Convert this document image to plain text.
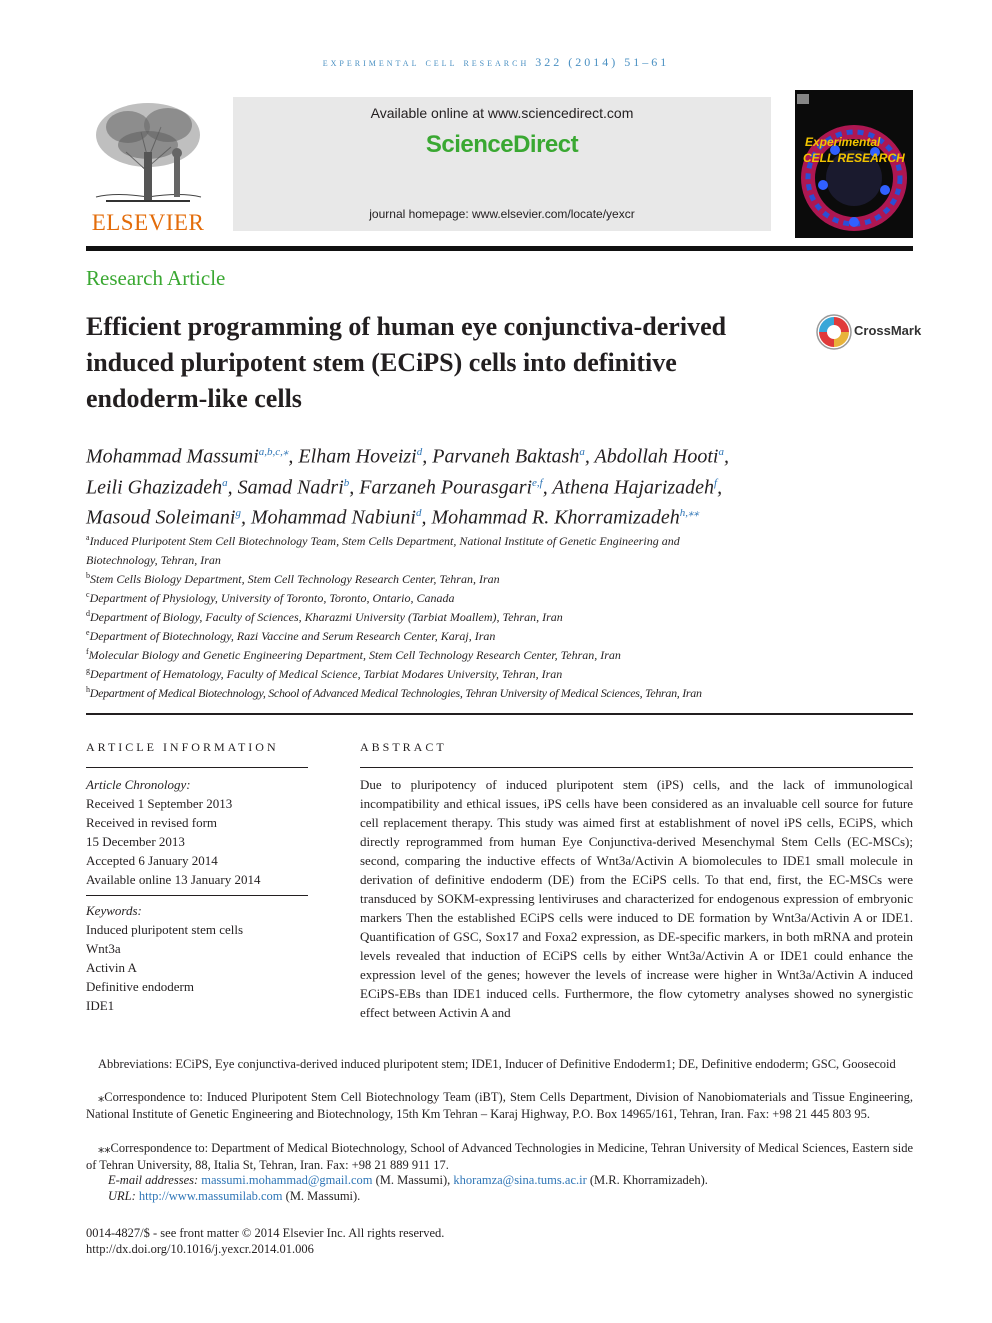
experimental cell research 322 (2014) 51–61
ELSEVIER
Available online at www.sciencedirect.com
ScienceDirect
journal homepage: www.elsevier.com/locate/yexcr
Experimental
CELL RESEARCH
Research Article
Efficient programming of human eye conjunctiva-derived induced pluripotent stem (ECiPS) cells into definitive endoderm-like cells
CrossMark
Mohammad Massumi$^{a,b,c,⁎}$, Elham Hoveizi$^d$, Parvaneh Baktash$^a$, Abdollah Hooti$^a$,
Leili Ghazizadeh$^a$, Samad Nadri$^b$, Farzaneh Pourasgari$^{e,f}$, Athena Hajarizadeh$^f$,
Masoud Soleimani$^g$, Mohammad Nabiuni$^d$, Mohammad R. Khorramizadeh$^{h,⁎⁎}$
$^a$Induced Pluripotent Stem Cell Biotechnology Team, Stem Cells Department, National Institute of Genetic Engineering and
Biotechnology, Tehran, Iran
$^b$Stem Cells Biology Department, Stem Cell Technology Research Center, Tehran, Iran
$^c$Department of Physiology, University of Toronto, Toronto, Ontario, Canada
$^d$Department of Biology, Faculty of Sciences, Kharazmi University (Tarbiat Moallem), Tehran, Iran
$^e$Department of Biotechnology, Razi Vaccine and Serum Research Center, Karaj, Iran
$^f$Molecular Biology and Genetic Engineering Department, Stem Cell Technology Research Center, Tehran, Iran
$^g$Department of Hematology, Faculty of Medical Science, Tarbiat Modares University, Tehran, Iran
$^h$Department of Medical Biotechnology, School of Advanced Medical Technologies, Tehran University of Medical Sciences, Tehran, Iran
ARTICLE INFORMATION
Article Chronology:
Received 1 September 2013
Received in revised form
15 December 2013
Accepted 6 January 2014
Available online 13 January 2014
Keywords:
Induced pluripotent stem cells
Wnt3a
Activin A
Definitive endoderm
IDE1
ABSTRACT
Due to pluripotency of induced pluripotent stem (iPS) cells, and the lack of immunological incompatibility and ethical issues, iPS cells have been considered as an invaluable cell source for future cell replacement therapy. This study was aimed first at establishment of novel iPS cells, ECiPS, which directly reprogrammed from human Eye Conjunctiva-derived Mesenchymal Stem Cells (EC-MSCs); second, comparing the inductive effects of Wnt3a/Activin A biomolecules to IDE1 small molecule in derivation of definitive endoderm (DE) from the ECiPS cells. To that end, first, the EC-MSCs were transduced by SOKM-expressing lentiviruses and characterized for endogenous expression of embryonic markers Then the established ECiPS cells were induced to DE formation by Wnt3a/Activin A or IDE1. Quantification of GSC, Sox17 and Foxa2 expression, as DE-specific markers, in both mRNA and protein levels revealed that induction of ECiPS cells by either Wnt3a/Activin A or IDE1 could enhance the expression level of the genes; however the levels of increase were higher in Wnt3a/Activin A induced ECiPS-EBs than IDE1 induced cells. Furthermore, the flow cytometry analyses showed no synergistic effect between Activin A and
Abbreviations: ECiPS, Eye conjunctiva-derived induced pluripotent stem; IDE1, Inducer of Definitive Endoderm1; DE, Definitive endoderm; GSC, Goosecoid
⁎Correspondence to: Induced Pluripotent Stem Cell Biotechnology Team (iBT), Stem Cells Department, Division of Nanobiomaterials and Tissue Engineering, National Institute of Genetic Engineering and Biotechnology, 15th Km Tehran – Karaj Highway, P.O. Box 14965/161, Tehran, Iran. Fax: +98 21 445 803 95.
⁎⁎Correspondence to: Department of Medical Biotechnology, School of Advanced Technologies in Medicine, Tehran University of Medical Sciences, Eastern side of Tehran University, 88, Italia St, Tehran, Iran. Fax: +98 21 889 911 17.
E-mail addresses: massumi.mohammad@gmail.com (M. Massumi), khoramza@sina.tums.ac.ir (M.R. Khorramizadeh).
URL: http://www.massumilab.com (M. Massumi).
0014-4827/$ - see front matter © 2014 Elsevier Inc. All rights reserved.
http://dx.doi.org/10.1016/j.yexcr.2014.01.006
